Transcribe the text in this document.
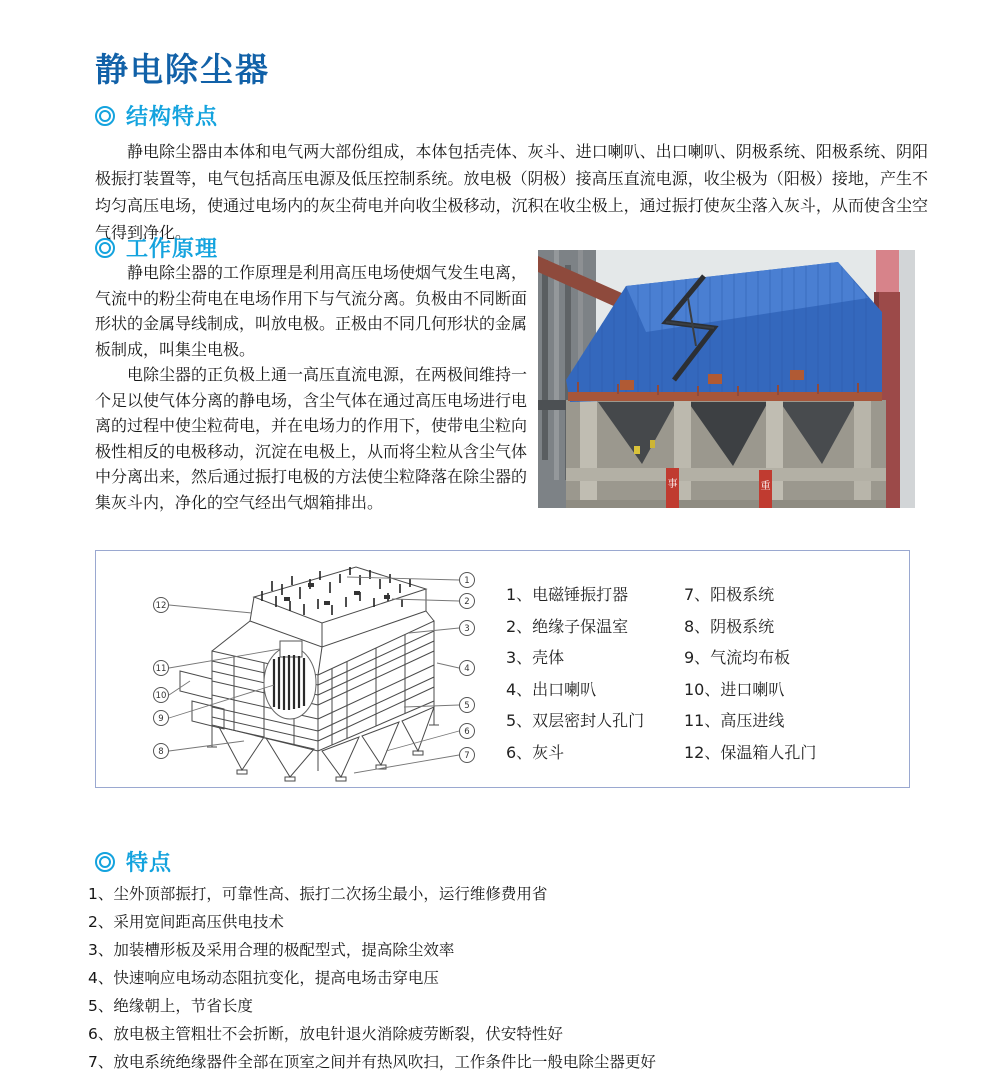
静电除尘器
结构特点

静电除尘器由本体和电气两大部份组成，本体包括壳体、灰斗、进口喇叭、出口喇叭、阴极系统、阳极系统、阴阳极振打装置等，电气包括高压电源及低压控制系统。放电极（阴极）接高压直流电源，收尘极为（阳极）接地，产生不均匀高压电场，使通过电场内的灰尘荷电并向收尘极移动，沉积在收尘极上，通过振打使灰尘落入灰斗，从而使含尘空气得到净化。

工作原理

静电除尘器的工作原理是利用高压电场使烟气发生电离，气流中的粉尘荷电在电场作用下与气流分离。负极由不同断面形状的金属导线制成，叫放电极。正极由不同几何形状的金属板制成，叫集尘电极。

电除尘器的正负极上通一高压直流电源，在两极间维持一个足以使气体分离的静电场，含尘气体在通过高压电场进行电离的过程中使尘粒荷电，并在电场力的作用下，使带电尘粒向极性相反的电极移动，沉淀在电极上，从而将尘粒从含尘气体中分离出来，然后通过振打电极的方法使尘粒降落在除尘器的集灰斗内，净化的空气经出气烟箱排出。

事	重
1
2
3
4
5
6
7
12
11
10
9
8
1、电磁锤振打器
2、绝缘子保温室
3、壳体
4、出口喇叭
5、双层密封人孔门
6、灰斗
7、阳极系统
8、阴极系统
9、气流均布板
10、进口喇叭
11、高压进线
12、保温箱人孔门
特点
1、尘外顶部振打，可靠性高、振打二次扬尘最小，运行维修费用省
2、采用宽间距高压供电技术
3、加装槽形板及采用合理的极配型式，提高除尘效率
4、快速响应电场动态阻抗变化，提高电场击穿电压
5、绝缘朝上，节省长度
6、放电极主管粗壮不会折断，放电针退火消除疲劳断裂，伏安特性好
7、放电系统绝缘器件全部在顶室之间并有热风吹扫，工作条件比一般电除尘器更好
